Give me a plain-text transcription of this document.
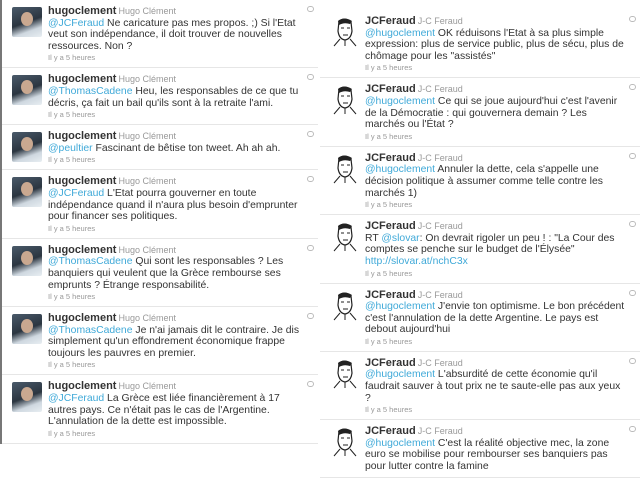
hugoclement Hugo Clément
@JCFeraud Ne caricature pas mes propos. ;) Si l'Etat veut son indépendance, il doit trouver de nouvelles ressources. Non ?
Il y a 5 heures
hugoclement Hugo Clément
@ThomasCadene Heu, les responsables de ce que tu décris, ça fait un bail qu'ils sont à la retraite l'ami.
Il y a 5 heures
hugoclement Hugo Clément
@peultier Fascinant de bêtise ton tweet. Ah ah ah.
Il y a 5 heures
hugoclement Hugo Clément
@JCFeraud L'Etat pourra gouverner en toute indépendance quand il n'aura plus besoin d'emprunter pour financer ses politiques.
Il y a 5 heures
hugoclement Hugo Clément
@ThomasCadene Qui sont les responsables ? Les banquiers qui veulent que la Grèce rembourse ses emprunts ? Étrange responsabilité.
Il y a 5 heures
hugoclement Hugo Clément
@ThomasCadene Je n'ai jamais dit le contraire. Je dis simplement qu'un effondrement économique frappe toujours les pauvres en premier.
Il y a 5 heures
hugoclement Hugo Clément
@JCFeraud La Grèce est liée financièrement à 17 autres pays. Ce n'était pas le cas de l'Argentine. L'annulation de la dette est impossible.
Il y a 5 heures
JCFeraud J-C Feraud
@hugoclement OK réduisons l'Etat à sa plus simple expression: plus de service public, plus de sécu, plus de chômage pour les "assistés"
Il y a 5 heures
JCFeraud J-C Feraud
@hugoclement Ce qui se joue aujourd'hui c'est l'avenir de la Démocratie : qui gouvernera demain ? Les marchés ou l'État ?
Il y a 5 heures
JCFeraud J-C Feraud
@hugoclement Annuler la dette, cela s'appelle une décision politique à assumer comme telle contre les marchés 1)
Il y a 5 heures
JCFeraud J-C Feraud
RT @slovar: On devrait rigoler un peu ! : "La Cour des comptes se penche sur le budget de l'Élysée" http://slovar.at/nchC3x
Il y a 5 heures
JCFeraud J-C Feraud
@hugoclement J'envie ton optimisme. Le bon précédent c'est l'annulation de la dette Argentine. Le pays est debout aujourd'hui
Il y a 5 heures
JCFeraud J-C Feraud
@hugoclement L'absurdité de cette économie qu'il faudrait sauver à tout prix ne te saute-elle pas aux yeux ?
Il y a 5 heures
JCFeraud J-C Feraud
@hugoclement C'est la réalité objective mec, la zone euro se mobilise pour rembourser ses banquiers pas pour lutter contre la famine
